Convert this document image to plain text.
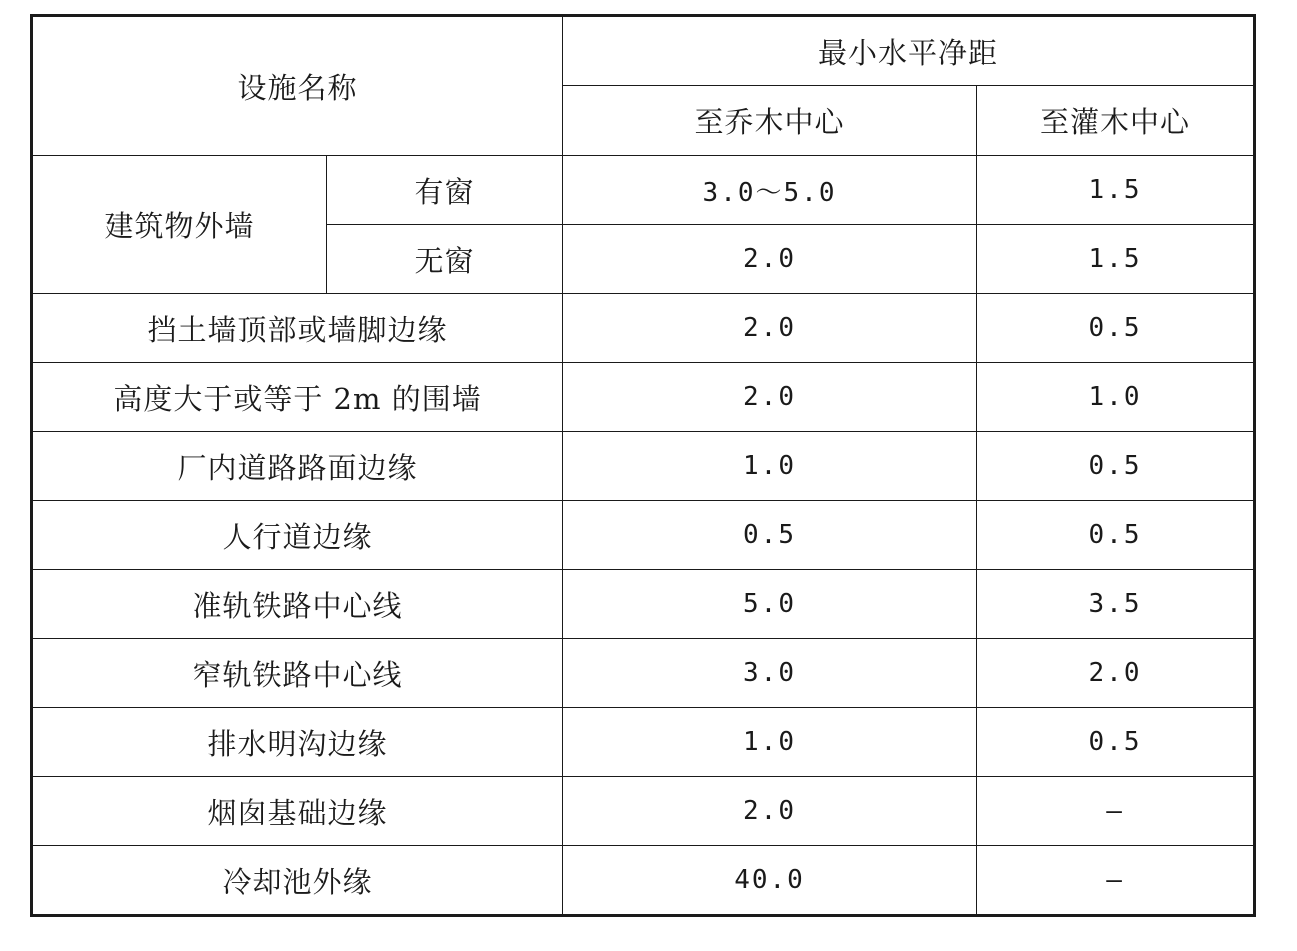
设施名称		最小水平净距	
		至乔木中心	至灌木中心
建筑物外墙	有窗	3.0～5.0	1.5
	无窗	2.0	1.5
挡土墙顶部或墙脚边缘		2.0	0.5
高度大于或等于 2m 的围墙		2.0	1.0
厂内道路路面边缘		1.0	0.5
人行道边缘		0.5	0.5
准轨铁路中心线		5.0	3.5
窄轨铁路中心线		3.0	2.0
排水明沟边缘		1.0	0.5
烟囱基础边缘		2.0	—
冷却池外缘		40.0	—
